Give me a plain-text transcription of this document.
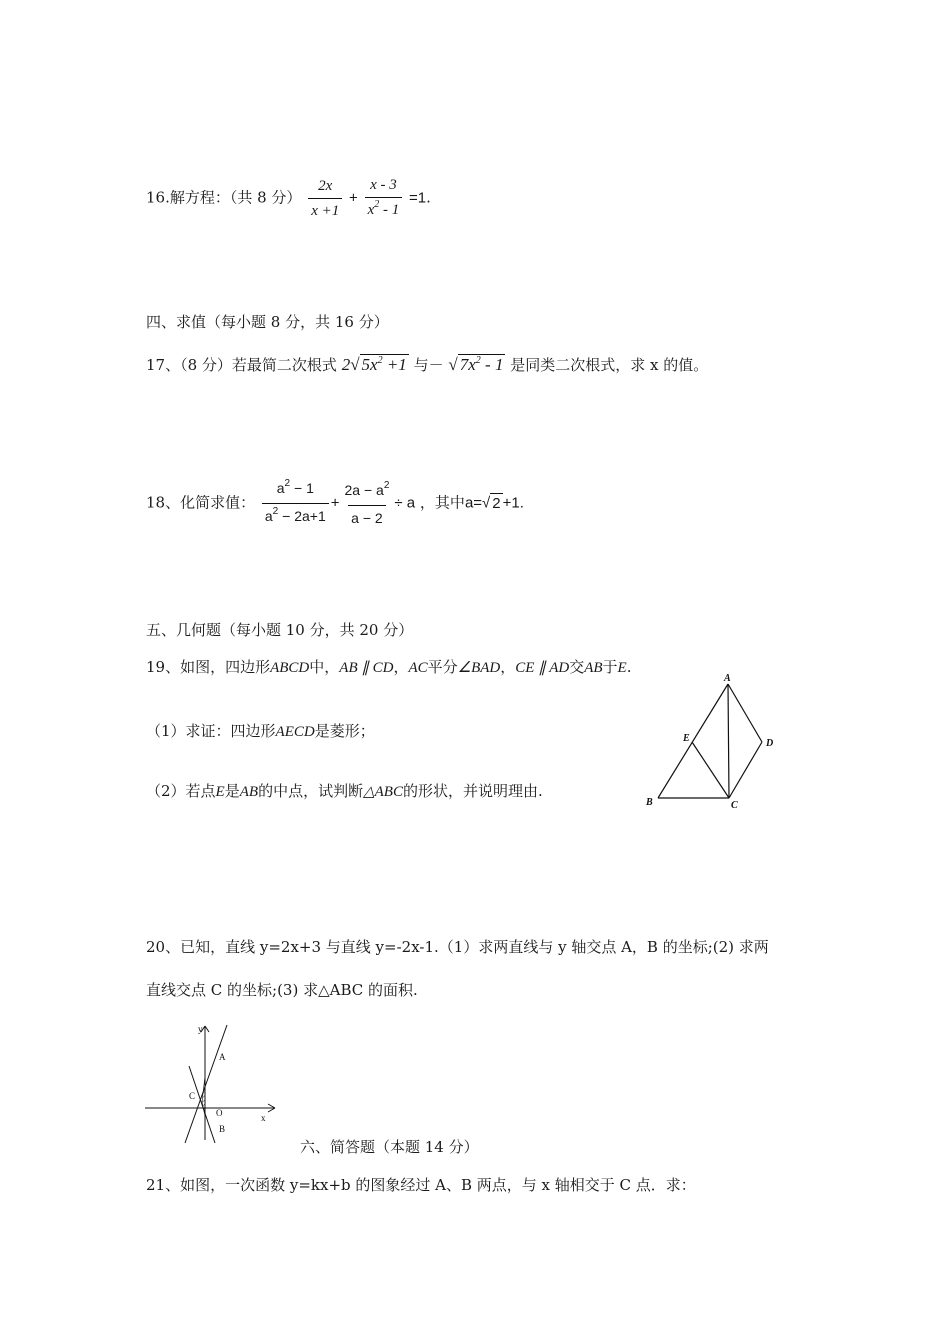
16.解方程：（共 8 分） $\frac{2x}{x +1} + \frac{x - 3}{x^2 - 1} =1$.
四、求值（每小题 8 分，共 16 分）
17、（8 分）若最简二次根式 2√ $5x^2 +1$ 与－ √ $7x^2 - 1$ 是同类二次根式，求 x 的值。
18、化简求值： $\frac{a^2 - 1}{a^2 - 2a+1} + \frac{2a - a^2}{a - 2} \div a$ ，其中a=√ 2 +1.
五、几何题（每小题 10 分，共 20 分）
19、如图，四边形ABCD中，AB ∥ CD，AC平分∠BAD，CE ∥ AD交AB于E.
（1）求证：四边形AECD是菱形；
（2）若点E是AB的中点，试判断△ABC的形状，并说明理由.
A
B	C
D
E
20、已知，直线 y=2x+3 与直线 y=-2x-1.（1）求两直线与 y 轴交点 A，B 的坐标;(2) 求两
直线交点 C 的坐标;(3) 求△ABC 的面积.
y
x
A
B
C
O
六、简答题（本题 14 分）
21、如图，一次函数 y=kx+b 的图象经过 A、B 两点，与 x 轴相交于 C 点．求：
